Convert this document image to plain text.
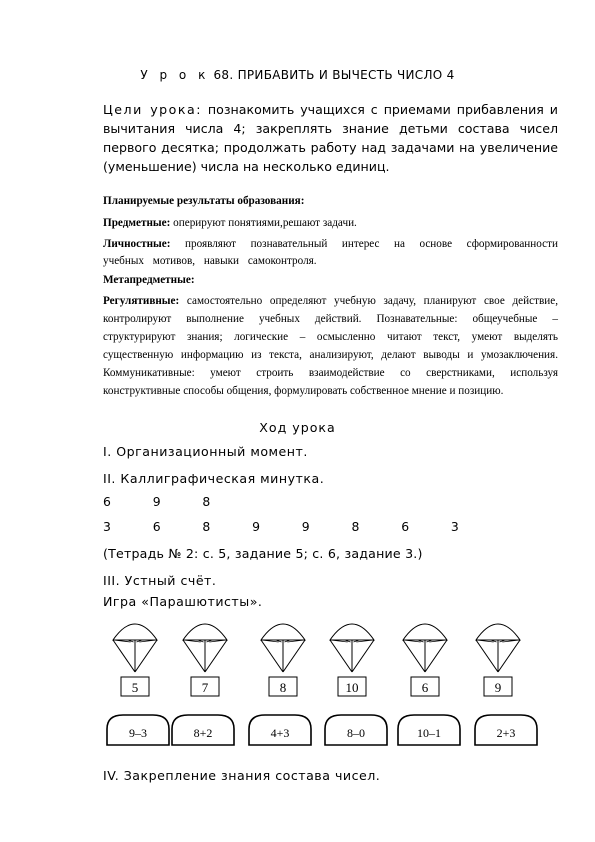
У р о к 68. ПРИБАВИТЬ И ВЫЧЕСТЬ ЧИСЛО 4
Цели урока: познакомить учащихся с приемами прибавления и вычитания числа 4; закреплять знание детьми состава чисел первого десятка; продолжать работу над задачами на увеличение (уменьшение) числа на несколько единиц.
Планируемые результаты образования:
Предметные: оперируют понятиями,решают задачи.
Личностные: проявляют познавательный интерес на основе сформированности учебных мотивов, навыки самоконтроля.
Метапредметные:
Регулятивные: самостоятельно определяют учебную задачу, планируют свое действие, контролируют выполнение учебных действий. Познавательные: общеучебные – структурируют знания; логические – осмысленно читают текст, умеют выделять существенную информацию из текста, анализируют, делают выводы и умозаключения. Коммуникативные: умеют строить взаимодействие со сверстниками, используя конструктивные способы общения, формулировать собственное мнение и позицию.
Ход урока
I. Организационный момент.
II. Каллиграфическая минутка.
6   9   8
3   6   8   9   9   8   6   3
(Тетрадь № 2: с. 5, задание 5; с. 6, задание 3.)
III. Устный счёт.
Игра «Парашютисты».
5	7	8	10	6	9
9–3	8+2	4+3	8–0	10–1	2+3
IV. Закрепление знания состава чисел.
